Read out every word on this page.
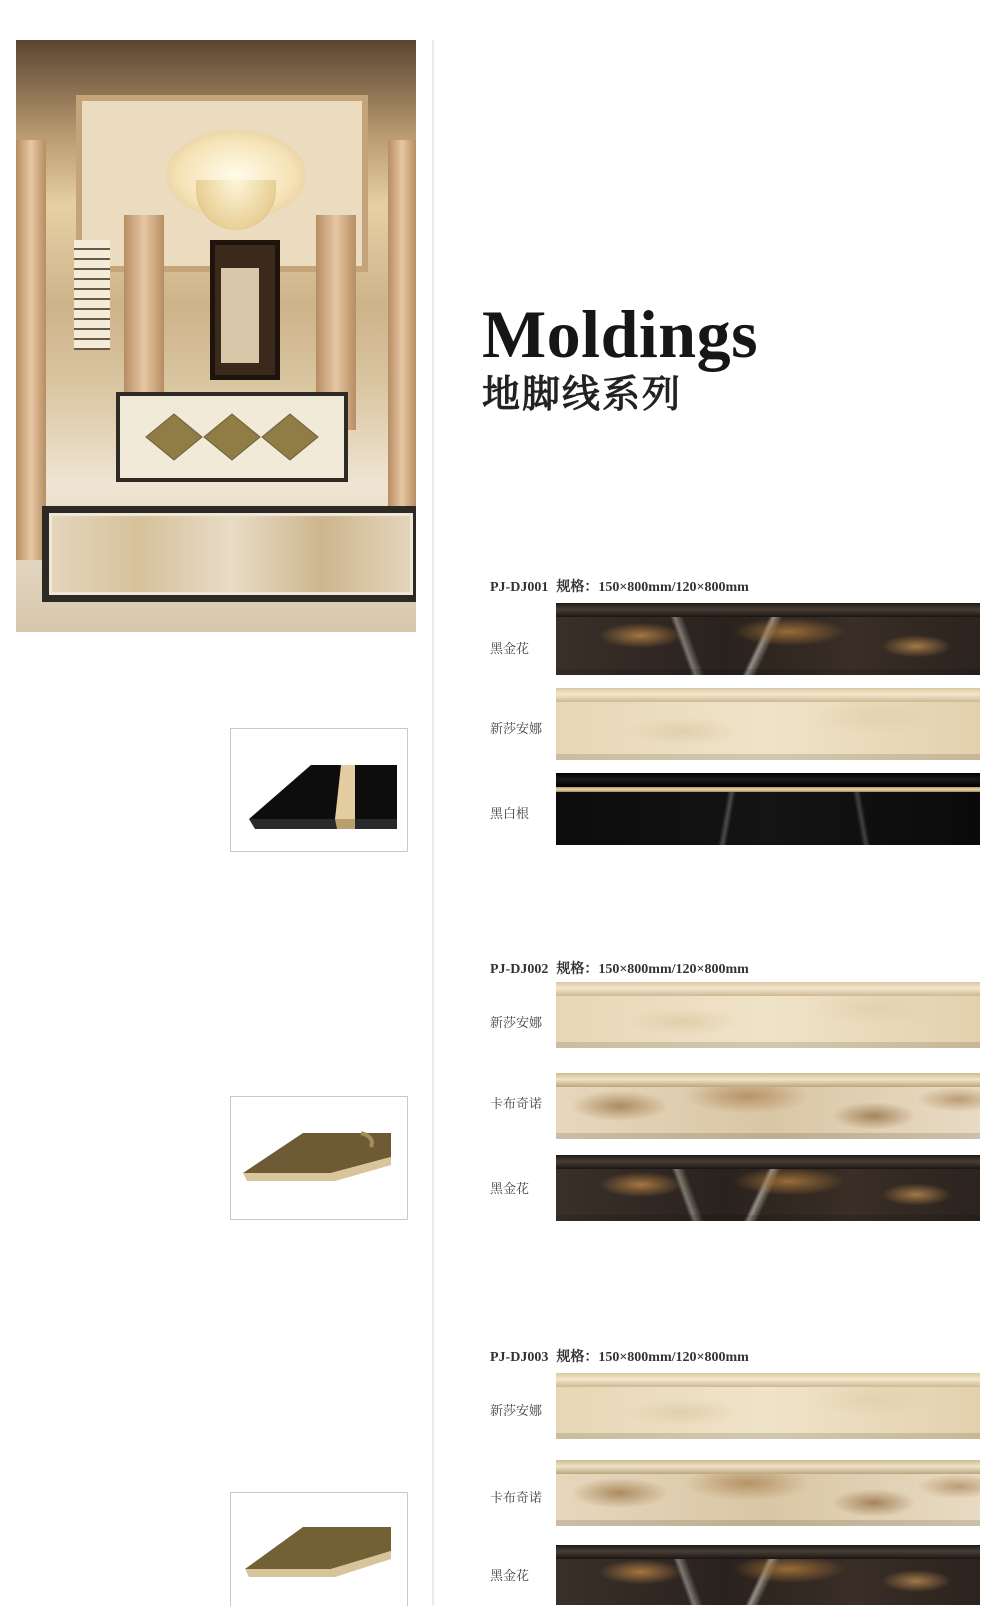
Moldings
地脚线系列
PJ-DJ001 规格：150×800mm/120×800mm
黑金花
新莎安娜
黑白根
PJ-DJ002 规格：150×800mm/120×800mm
新莎安娜
卡布奇诺
黑金花
PJ-DJ003 规格：150×800mm/120×800mm
新莎安娜
卡布奇诺
黑金花
